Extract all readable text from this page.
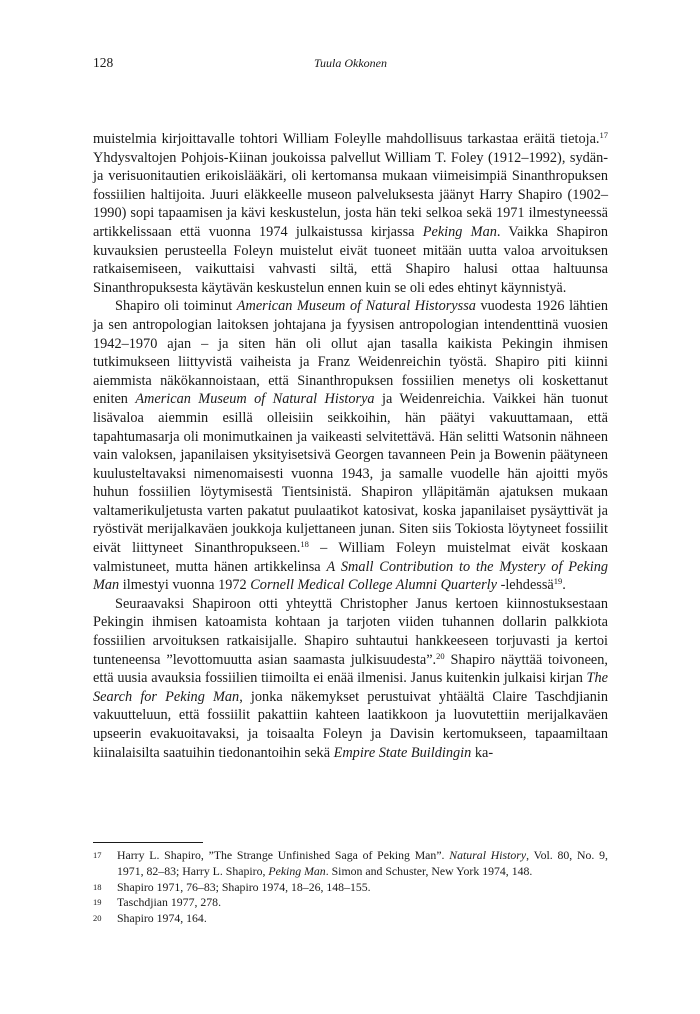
128	Tuula Okkonen

muistelmia kirjoittavalle tohtori William Foleylle mahdollisuus tarkastaa eräitä tietoja.$^{17}$ Yhdysvaltojen Pohjois-Kiinan joukoissa palvellut William T. Foley (1912–1992), sydän- ja verisuonitautien erikoislääkäri, oli kertomansa mukaan viimeisimpiä Sinanthropuksen fossiilien haltijoita. Juuri eläkkeelle museon palveluksesta jäänyt Harry Shapiro (1902–1990) sopi tapaamisen ja kävi keskustelun, josta hän teki selkoa sekä 1971 ilmestyneessä artikkelissaan että vuonna 1974 julkaistussa kirjassa Peking Man. Vaikka Shapiron kuvauksien perusteella Foleyn muistelut eivät tuoneet mitään uutta valoa arvoituksen ratkaisemiseen, vaikuttaisi vahvasti siltä, että Shapiro halusi ottaa haltuunsa Sinanthropuksesta käytävän keskustelun ennen kuin se oli edes ehtinyt käynnistyä.

Shapiro oli toiminut American Museum of Natural Historyssa vuodesta 1926 lähtien ja sen antropologian laitoksen johtajana ja fyysisen antropologian intendenttinä vuosien 1942–1970 ajan – ja siten hän oli ollut ajan tasalla kaikista Pekingin ihmisen tutkimukseen liittyvistä vaiheista ja Franz Weidenreichin työstä. Shapiro piti kiinni aiemmista näkökannoistaan, että Sinanthropuksen fossiilien menetys oli koskettanut eniten American Museum of Natural Historya ja Weidenreichia. Vaikkei hän tuonut lisävaloa aiemmin esillä olleisiin seikkoihin, hän päätyi vakuuttamaan, että tapahtumasarja oli monimutkainen ja vaikeasti selvitettävä. Hän selitti Watsonin nähneen vain valoksen, japanilaisen yksityisetsivä Georgen tavanneen Pein ja Bowenin päätyneen kuulusteltavaksi nimenomaisesti vuonna 1943, ja samalle vuodelle hän ajoitti myös huhun fossiilien löytymisestä Tientsinistä. Shapiron ylläpitämän ajatuksen mukaan valtamerikuljetusta varten pakatut puulaatikot katosivat, koska japanilaiset pysäyttivät ja ryöstivät merijalkaväen joukkoja kuljettaneen junan. Siten siis Tokiosta löytyneet fossiilit eivät liittyneet Sinanthropukseen.$^{18}$ – William Foleyn muistelmat eivät koskaan valmistuneet, mutta hänen artikkelinsa A Small Contribution to the Mystery of Peking Man ilmestyi vuonna 1972 Cornell Medical College Alumni Quarterly -lehdessä$^{19}$.

Seuraavaksi Shapiroon otti yhteyttä Christopher Janus kertoen kiinnostuksestaan Pekingin ihmisen katoamista kohtaan ja tarjoten viiden tuhannen dollarin palkkiota fossiilien arvoituksen ratkaisijalle. Shapiro suhtautui hankkeeseen torjuvasti ja kertoi tunteneensa ”levottomuutta asian saamasta julkisuudesta”.$^{20}$ Shapiro näyttää toivoneen, että uusia avauksia fossiilien tiimoilta ei enää ilmenisi. Janus kuitenkin julkaisi kirjan The Search for Peking Man, jonka näkemykset perustuivat yhtäältä Claire Taschdjianin vakuutteluun, että fossiilit pakattiin kahteen laatikkoon ja luovutettiin merijalkaväen upseerin evakuoitavaksi, ja toisaalta Foleyn ja Davisin kertomukseen, tapaamiltaan kiinalaisilta saatuihin tiedonantoihin sekä Empire State Buildingin ka-

17	Harry L. Shapiro, ”The Strange Unfinished Saga of Peking Man”. Natural History, Vol. 80, No. 9, 1971, 82–83; Harry L. Shapiro, Peking Man. Simon and Schuster, New York 1974, 148.
18	Shapiro 1971, 76–83; Shapiro 1974, 18–26, 148–155.
19	Taschdjian 1977, 278.
20	Shapiro 1974, 164.
